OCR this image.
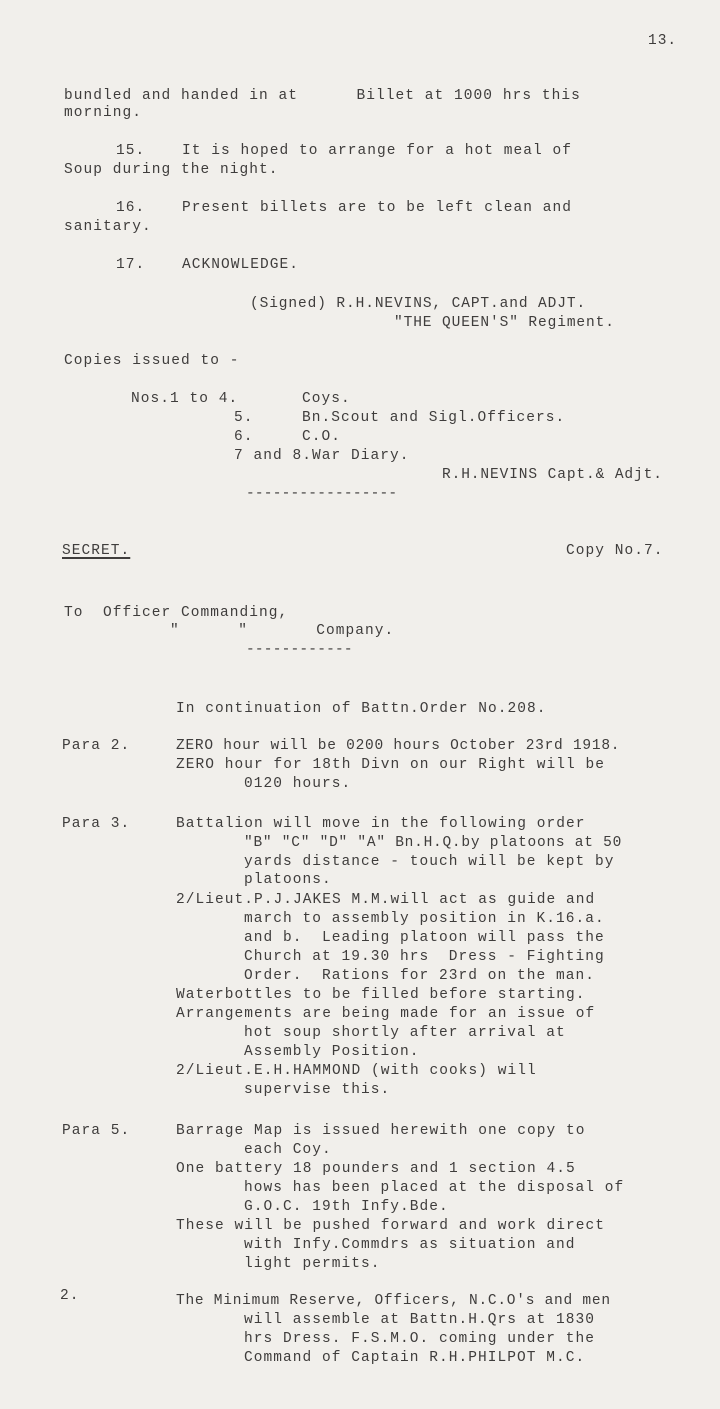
13.
bundled and handed in at      Billet at 1000 hrs this
morning.
15.	It is hoped to arrange for a hot meal of
Soup during the night.
16.	Present billets are to be left clean and
sanitary.
17.	ACKNOWLEDGE.
(Signed) R.H.NEVINS, CAPT.and ADJT.
"THE QUEEN'S" Regiment.
Copies issued to -
Nos.1 to 4.	Coys.
5.	Bn.Scout and Sigl.Officers.
6.	C.O.
7 and 8. War Diary.
R.H.NEVINS Capt.& Adjt.
-----------------
SECRET.	Copy No.7.
To  Officer Commanding,
"      "       Company.
------------
In continuation of Battn.Order No.208.
Para 2.	ZERO hour will be 0200 hours October 23rd 1918.
ZERO hour for 18th Divn on our Right will be
0120 hours.
Para 3.	Battalion will move in the following order
"B" "C" "D" "A" Bn.H.Q.by platoons at 50
yards distance - touch will be kept by
platoons.
2/Lieut.P.J.JAKES M.M.will act as guide and
march to assembly position in K.16.a.
and b.  Leading platoon will pass the
Church at 19.30 hrs  Dress - Fighting
Order.  Rations for 23rd on the man.
Waterbottles to be filled before starting.
Arrangements are being made for an issue of
hot soup shortly after arrival at
Assembly Position.
2/Lieut.E.H.HAMMOND (with cooks) will
supervise this.
Para 5.	Barrage Map is issued herewith one copy to
each Coy.
One battery 18 pounders and 1 section 4.5
hows has been placed at the disposal of
G.O.C. 19th Infy.Bde.
These will be pushed forward and work direct
with Infy.Commdrs as situation and
light permits.
2.	The Minimum Reserve, Officers, N.C.O's and men
will assemble at Battn.H.Qrs at 1830
hrs Dress. F.S.M.O. coming under the
Command of Captain R.H.PHILPOT M.C.
